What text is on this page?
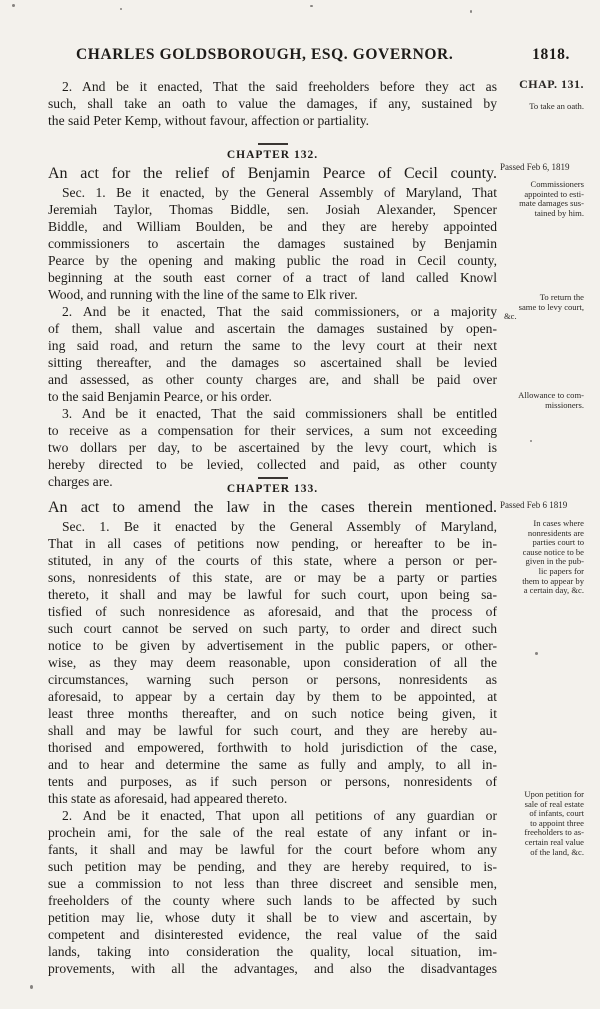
CHARLES GOLDSBOROUGH, ESQ. GOVERNOR.	1818.
2. And be it enacted, That the said freeholders before they act as
such, shall take an oath to value the damages, if any, sustained by
the said Peter Kemp, without favour, affection or partiality.
CHAP. 131.
To take an oath.
CHAPTER 132.
An act for the relief of Benjamin Pearce of Cecil county.
Sec. 1. Be it enacted, by the General Assembly of Maryland, That
Jeremiah Taylor, Thomas Biddle, sen. Josiah Alexander, Spencer
Biddle, and William Boulden, be and they are hereby appointed
commissioners to ascertain the damages sustained by Benjamin
Pearce by the opening and making public the road in Cecil county,
beginning at the south east corner of a tract of land called Knowl
Wood, and running with the line of the same to Elk river.
2. And be it enacted, That the said commissioners, or a majority
of them, shall value and ascertain the damages sustained by open-
ing said road, and return the same to the levy court at their next
sitting thereafter, and the damages so ascertained shall be levied
and assessed, as other county charges are, and shall be paid over
to the said Benjamin Pearce, or his order.
3. And be it enacted, That the said commissioners shall be entitled
to receive as a compensation for their services, a sum not exceeding
two dollars per day, to be ascertained by the levy court, which is
hereby directed to be levied, collected and paid, as other county
charges are.
Passed Feb 6, 1819
Commissioners
appointed to esti-
mate damages sus-
tained by him.
To return the
same to levy court,
&c.
Allowance to com-
missioners.
CHAPTER 133.
An act to amend the law in the cases therein mentioned.
Sec. 1. Be it enacted by the General Assembly of Maryland,
That in all cases of petitions now pending, or hereafter to be in-
stituted, in any of the courts of this state, where a person or per-
sons, nonresidents of this state, are or may be a party or parties
thereto, it shall and may be lawful for such court, upon being sa-
tisfied of such nonresidence as aforesaid, and that the process of
such court cannot be served on such party, to order and direct such
notice to be given by advertisement in the public papers, or other-
wise, as they may deem reasonable, upon consideration of all the
circumstances, warning such person or persons, nonresidents as
aforesaid, to appear by a certain day by them to be appointed, at
least three months thereafter, and on such notice being given, it
shall and may be lawful for such court, and they are hereby au-
thorised and empowered, forthwith to hold jurisdiction of the case,
and to hear and determine the same as fully and amply, to all in-
tents and purposes, as if such person or persons, nonresidents of
this state as aforesaid, had appeared thereto.
2. And be it enacted, That upon all petitions of any guardian or
prochein ami, for the sale of the real estate of any infant or in-
fants, it shall and may be lawful for the court before whom any
such petition may be pending, and they are hereby required, to is-
sue a commission to not less than three discreet and sensible men,
freeholders of the county where such lands to be affected by such
petition may lie, whose duty it shall be to view and ascertain, by
competent and disinterested evidence, the real value of the said
lands, taking into consideration the quality, local situation, im-
provements, with all the advantages, and also the disadvantages
Passed Feb 6 1819
In cases where
nonresidents are
parties court to
cause notice to be
given in the pub-
lic papers for
them to appear by
a certain day, &c.
Upon petition for
sale of real estate
of infants, court
to appoint three
freeholders to as-
certain real value
of the land, &c.
